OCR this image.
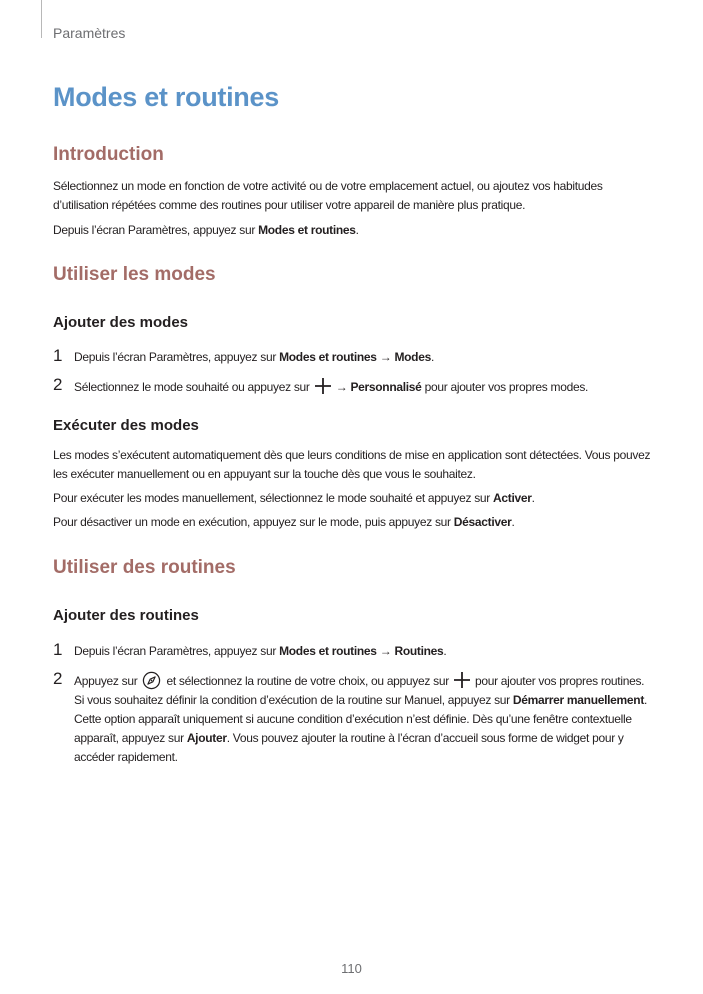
Paramètres
Modes et routines
Introduction

Sélectionnez un mode en fonction de votre activité ou de votre emplacement actuel, ou ajoutez vos habitudes d’utilisation répétées comme des routines pour utiliser votre appareil de manière plus pratique.

Depuis l’écran Paramètres, appuyez sur Modes et routines.

Utiliser les modes
Ajouter des modes
1 Depuis l’écran Paramètres, appuyez sur Modes et routines → Modes.

2 Sélectionnez le mode souhaité ou appuyez sur  → Personnalisé pour ajouter vos propres modes.

Exécuter des modes

Les modes s’exécutent automatiquement dès que leurs conditions de mise en application sont détectées. Vous pouvez les exécuter manuellement ou en appuyant sur la touche dès que vous le souhaitez.

Pour exécuter les modes manuellement, sélectionnez le mode souhaité et appuyez sur Activer.

Pour désactiver un mode en exécution, appuyez sur le mode, puis appuyez sur Désactiver.

Utiliser des routines
Ajouter des routines
1 Depuis l’écran Paramètres, appuyez sur Modes et routines → Routines.

2 Appuyez sur  et sélectionnez la routine de votre choix, ou appuyez sur  pour ajouter vos propres routines.

Si vous souhaitez définir la condition d’exécution de la routine sur Manuel, appuyez sur Démarrer manuellement. Cette option apparaît uniquement si aucune condition d’exécution n’est définie. Dès qu’une fenêtre contextuelle apparaît, appuyez sur Ajouter. Vous pouvez ajouter la routine à l’écran d’accueil sous forme de widget pour y accéder rapidement.

110
